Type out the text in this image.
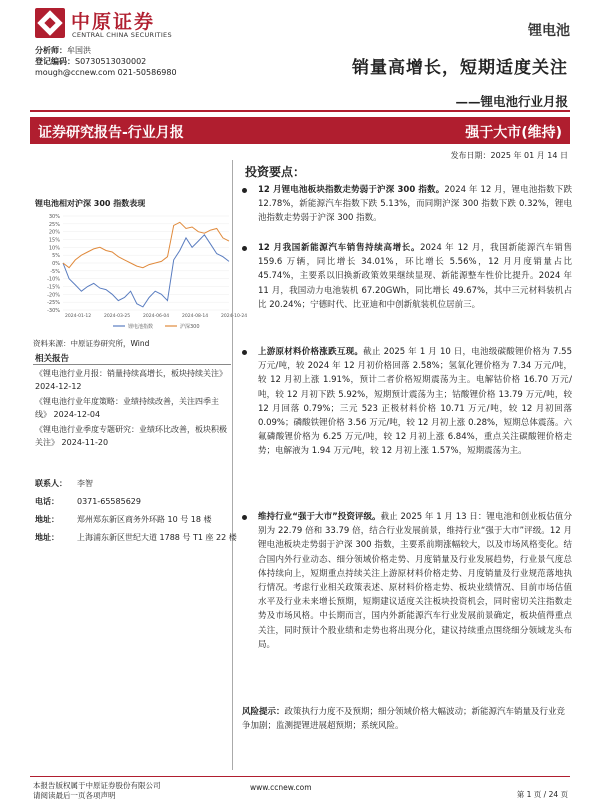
中原证券
CENTRAL CHINA SECURITIES	锂电池
分析师：牟国洪
登记编码：S0730513030002
mough@ccnew.com 021-50586980	销量高增长，短期适度关注
——锂电池行业月报
证券研究报告-行业月报	强于大市(维持)
发布日期：2025 年 01 月 14 日
投资要点：
锂电池相对沪深 300 指数表现
30%
25%
20%
15%
10%
5%
0%
-5%
-10%
-15%
-20%
-25%
-30%
2024-01-12	2024-03-25	2024-06-04	2024-08-14	2024-10-24
锂电池指数	沪深300
资料来源：中原证券研究所，Wind
相关报告
《锂电池行业月报：销量持续高增长，板块持续关注》 2024-12-12
《锂电池行业年度策略：业绩持续改善，关注四季主线》 2024-12-04
《锂电池行业季度专题研究：业绩环比改善，板块积极关注》 2024-11-20
联系人： 李智
电话： 0371-65585629
地址： 郑州郑东新区商务外环路 10 号 18 楼
地址： 上海浦东新区世纪大道 1788 号 T1 座 22 楼
12 月锂电池板块指数走势弱于沪深 300 指数。2024 年 12 月，锂电池指数下跌 12.78%，新能源汽车指数下跌 5.13%，而同期沪深 300 指数下跌 0.32%，锂电池指数走势弱于沪深 300 指数。
12 月我国新能源汽车销售持续高增长。2024 年 12 月，我国新能源汽车销售 159.6 万辆，同比增长 34.01%，环比增长 5.56%，12 月月度销量占比 45.74%，主要系以旧换新政策效果继续显现、新能源整车性价比提升。2024 年 11 月，我国动力电池装机 67.20GWh，同比增长 49.67%，其中三元材料装机占比 20.24%；宁德时代、比亚迪和中创新航装机位居前三。
上游原材料价格涨跌互现。截止 2025 年 1 月 10 日，电池级碳酸锂价格为 7.55 万元/吨，较 2024 年 12 月初价格回落 2.58%；氢氧化锂价格为 7.34 万元/吨，较 12 月初上涨 1.91%，预计二者价格短期震荡为主。电解钴价格 16.70 万元/吨，较 12 月初下跌 5.92%，短期预计震荡为主；钴酸锂价格 13.79 万元/吨，较 12 月回落 0.79%；三元 523 正极材料价格 10.71 万元/吨，较 12 月初回落 0.09%；磷酸铁锂价格 3.56 万元/吨，较 12 月初上涨 0.28%，短期总体震荡。六氟磷酸锂价格为 6.25 万元/吨，较 12 月初上涨 6.84%，重点关注碳酸锂价格走势；电解液为 1.94 万元/吨，较 12 月初上涨 1.57%，短期震荡为主。
维持行业“强于大市”投资评级。截止 2025 年 1 月 13 日：锂电池和创业板估值分别为 22.79 倍和 33.79 倍，结合行业发展前景，维持行业“强于大市”评级。12 月锂电池板块走势弱于沪深 300 指数，主要系前期涨幅较大，以及市场风格变化。结合国内外行业动态、细分领域价格走势、月度销量及行业发展趋势，行业景气度总体持续向上，短期重点持续关注上游原材料价格走势、月度销量及行业规范落地执行情况。考虑行业相关政策表述、原材料价格走势、板块业绩情况、目前市场估值水平及行业未来增长预期，短期建议适度关注板块投资机会，同时密切关注指数走势及市场风格。中长期而言，国内外新能源汽车行业发展前景确定，板块值得重点关注，同时预计个股业绩和走势也将出现分化，建议持续重点围绕细分领域龙头布局。
风险提示：政策执行力度不及预期；细分领域价格大幅波动；新能源汽车销量及行业竞争加剧；监测提锂进展超预期；系统风险。
本报告版权属于中原证券股份有限公司
请阅读最后一页各项声明
www.ccnew.com
第 1 页 / 24 页
